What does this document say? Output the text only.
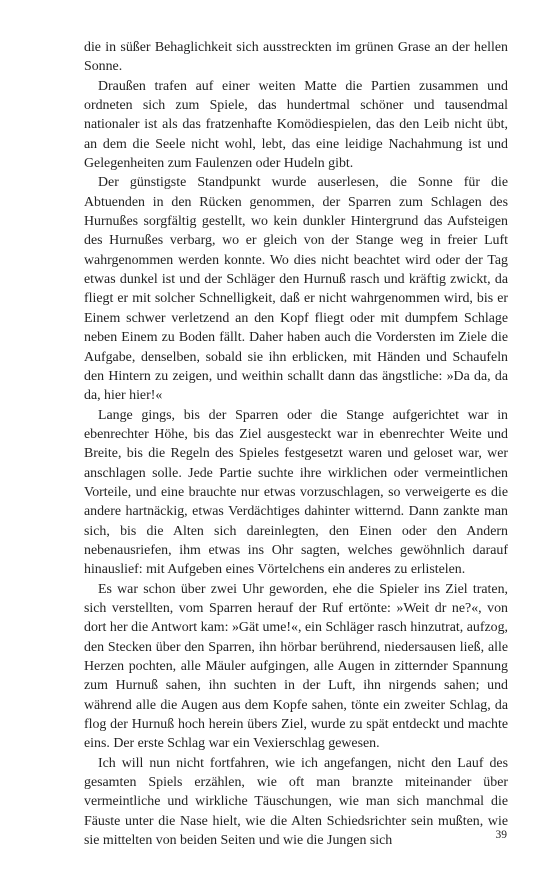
die in süßer Behaglichkeit sich ausstreckten im grünen Grase an der hellen Sonne.

Draußen trafen auf einer weiten Matte die Partien zusammen und ordneten sich zum Spiele, das hundertmal schöner und tausendmal nationaler ist als das fratzenhafte Komödiespielen, das den Leib nicht übt, an dem die Seele nicht wohl, lebt, das eine leidige Nachahmung ist und Gelegenheiten zum Faulenzen oder Hudeln gibt.

Der günstigste Standpunkt wurde auserlesen, die Sonne für die Abtuenden in den Rücken genommen, der Sparren zum Schlagen des Hurnußes sorgfältig gestellt, wo kein dunkler Hintergrund das Aufsteigen des Hurnußes verbarg, wo er gleich von der Stange weg in freier Luft wahrgenommen werden konnte. Wo dies nicht beachtet wird oder der Tag etwas dunkel ist und der Schläger den Hurnuß rasch und kräftig zwickt, da fliegt er mit solcher Schnelligkeit, daß er nicht wahrgenommen wird, bis er Einem schwer verletzend an den Kopf fliegt oder mit dumpfem Schlage neben Einem zu Boden fällt. Daher haben auch die Vordersten im Ziele die Aufgabe, denselben, sobald sie ihn erblicken, mit Händen und Schaufeln den Hintern zu zeigen, und weithin schallt dann das ängstliche: »Da da, da da, hier hier!«

Lange gings, bis der Sparren oder die Stange aufgerichtet war in ebenrechter Höhe, bis das Ziel ausgesteckt war in ebenrechter Weite und Breite, bis die Regeln des Spieles festgesetzt waren und geloset war, wer anschlagen solle. Jede Partie suchte ihre wirklichen oder vermeintlichen Vorteile, und eine brauchte nur etwas vorzuschlagen, so verweigerte es die andere hartnäckig, etwas Verdächtiges dahinter witternd. Dann zankte man sich, bis die Alten sich dareinlegten, den Einen oder den Andern nebenausriefen, ihm etwas ins Ohr sagten, welches gewöhnlich darauf hinauslief: mit Aufgeben eines Vörtelchens ein anderes zu erlistelen.

Es war schon über zwei Uhr geworden, ehe die Spieler ins Ziel traten, sich verstellten, vom Sparren herauf der Ruf ertönte: »Weit dr ne?«, von dort her die Antwort kam: »Gät ume!«, ein Schläger rasch hinzutrat, aufzog, den Stecken über den Sparren, ihn hörbar berührend, niedersausen ließ, alle Herzen pochten, alle Mäuler aufgingen, alle Augen in zitternder Spannung zum Hurnuß sahen, ihn suchten in der Luft, ihn nirgends sahen; und während alle die Augen aus dem Kopfe sahen, tönte ein zweiter Schlag, da flog der Hurnuß hoch herein übers Ziel, wurde zu spät entdeckt und machte eins. Der erste Schlag war ein Vexierschlag gewesen.

Ich will nun nicht fortfahren, wie ich angefangen, nicht den Lauf des gesamten Spiels erzählen, wie oft man branzte miteinander über vermeintliche und wirkliche Täuschungen, wie man sich manchmal die Fäuste unter die Nase hielt, wie die Alten Schiedsrichter sein mußten, wie sie mittelten von beiden Seiten und wie die Jungen sich	39
